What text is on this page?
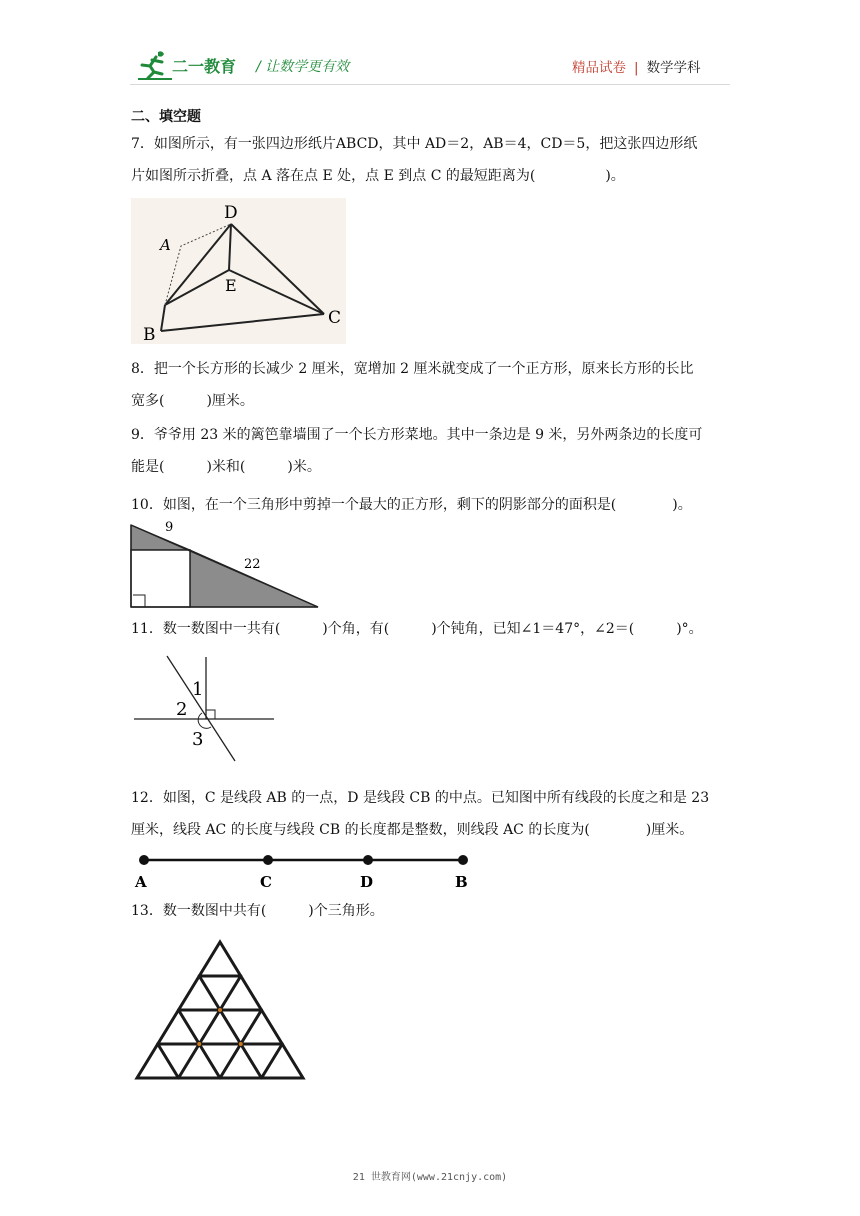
二一教育 / 让数学更有效	精品试卷 | 数学学科
二、填空题
7．如图所示，有一张四边形纸片ABCD，其中 AD＝2，AB＝4，CD＝5，把这张四边形纸
片如图所示折叠，点 A 落在点 E 处，点 E 到点 C 的最短距离为(　　　　　)。
D
A
E
B
C
8．把一个长方形的长减少 2 厘米，宽增加 2 厘米就变成了一个正方形，原来长方形的长比
宽多(　　　)厘米。
9．爷爷用 23 米的篱笆靠墙围了一个长方形菜地。其中一条边是 9 米，另外两条边的长度可
能是(　　　)米和(　　　)米。
10．如图，在一个三角形中剪掉一个最大的正方形，剩下的阴影部分的面积是(　　　　)。
9
22
11．数一数图中一共有(　　　)个角，有(　　　)个钝角，已知∠1＝47°，∠2＝(　　　)°。
1
2
3
12．如图，C 是线段 AB 的一点，D 是线段 CB 的中点。已知图中所有线段的长度之和是 23
厘米，线段 AC 的长度与线段 CB 的长度都是整数，则线段 AC 的长度为(　　　　)厘米。
A	C	D	B
13．数一数图中共有(　　　)个三角形。
21 世教育网(www.21cnjy.com)
